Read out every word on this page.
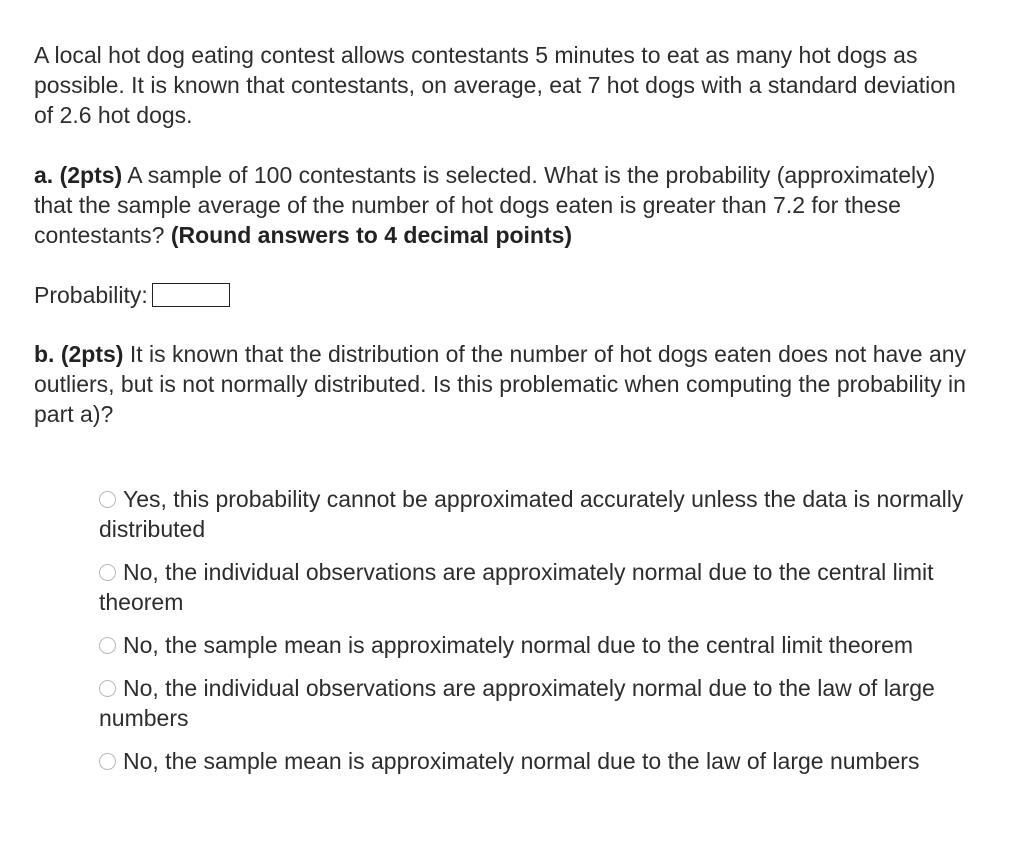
A local hot dog eating contest allows contestants 5 minutes to eat as many hot dogs as possible. It is known that contestants, on average, eat 7 hot dogs with a standard deviation of 2.6 hot dogs.

a. (2pts) A sample of 100 contestants is selected. What is the probability (approximately) that the sample average of the number of hot dogs eaten is greater than 7.2 for these contestants? (Round answers to 4 decimal points)

Probability:

b. (2pts) It is known that the distribution of the number of hot dogs eaten does not have any outliers, but is not normally distributed. Is this problematic when computing the probability in part a)?

Yes, this probability cannot be approximated accurately unless the data is normally distributed
No, the individual observations are approximately normal due to the central limit theorem
No, the sample mean is approximately normal due to the central limit theorem
No, the individual observations are approximately normal due to the law of large numbers
No, the sample mean is approximately normal due to the law of large numbers
